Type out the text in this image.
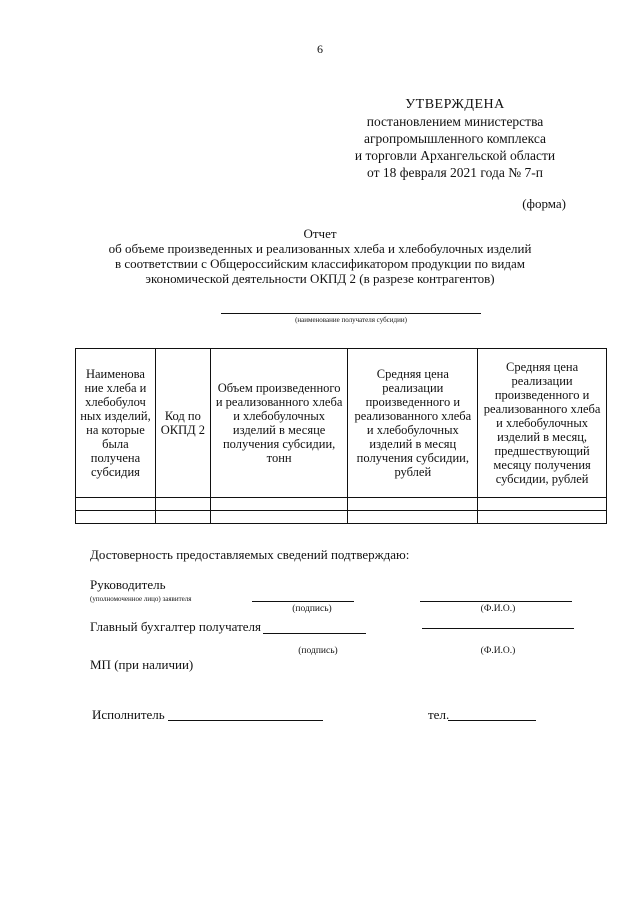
6
УТВЕРЖДЕНА
постановлением министерства
агропромышленного комплекса
и торговли Архангельской области
от 18 февраля 2021 года № 7-п
(форма)
Отчет
об объеме произведенных и реализованных хлеба и хлебобулочных изделий
в соответствии с Общероссийским классификатором продукции по видам
экономической деятельности ОКПД 2 (в разрезе контрагентов)
(наименование получателя субсидии)
Наименова ние хлеба и хлебобулоч ных изделий, на которые была получена субсидия	Код по ОКПД 2	Объем произведенного и реализованного хлеба и хлебобулочных изделий в месяце получения субсидии, тонн	Средняя цена реализации произведенного и реализованного хлеба и хлебобулочных изделий в месяц получения субсидии, рублей	Средняя цена реализации произведенного и реализованного хлеба и хлебобулочных изделий в месяц, предшествующий месяцу получения субсидии, рублей

Достоверность предоставляемых сведений подтверждаю:
Руководитель
(уполномоченное лицо) заявителя
(подпись)	(Ф.И.О.)
Главный бухгалтер получателя
(подпись)	(Ф.И.О.)
МП (при наличии)
Исполнитель	тел.
